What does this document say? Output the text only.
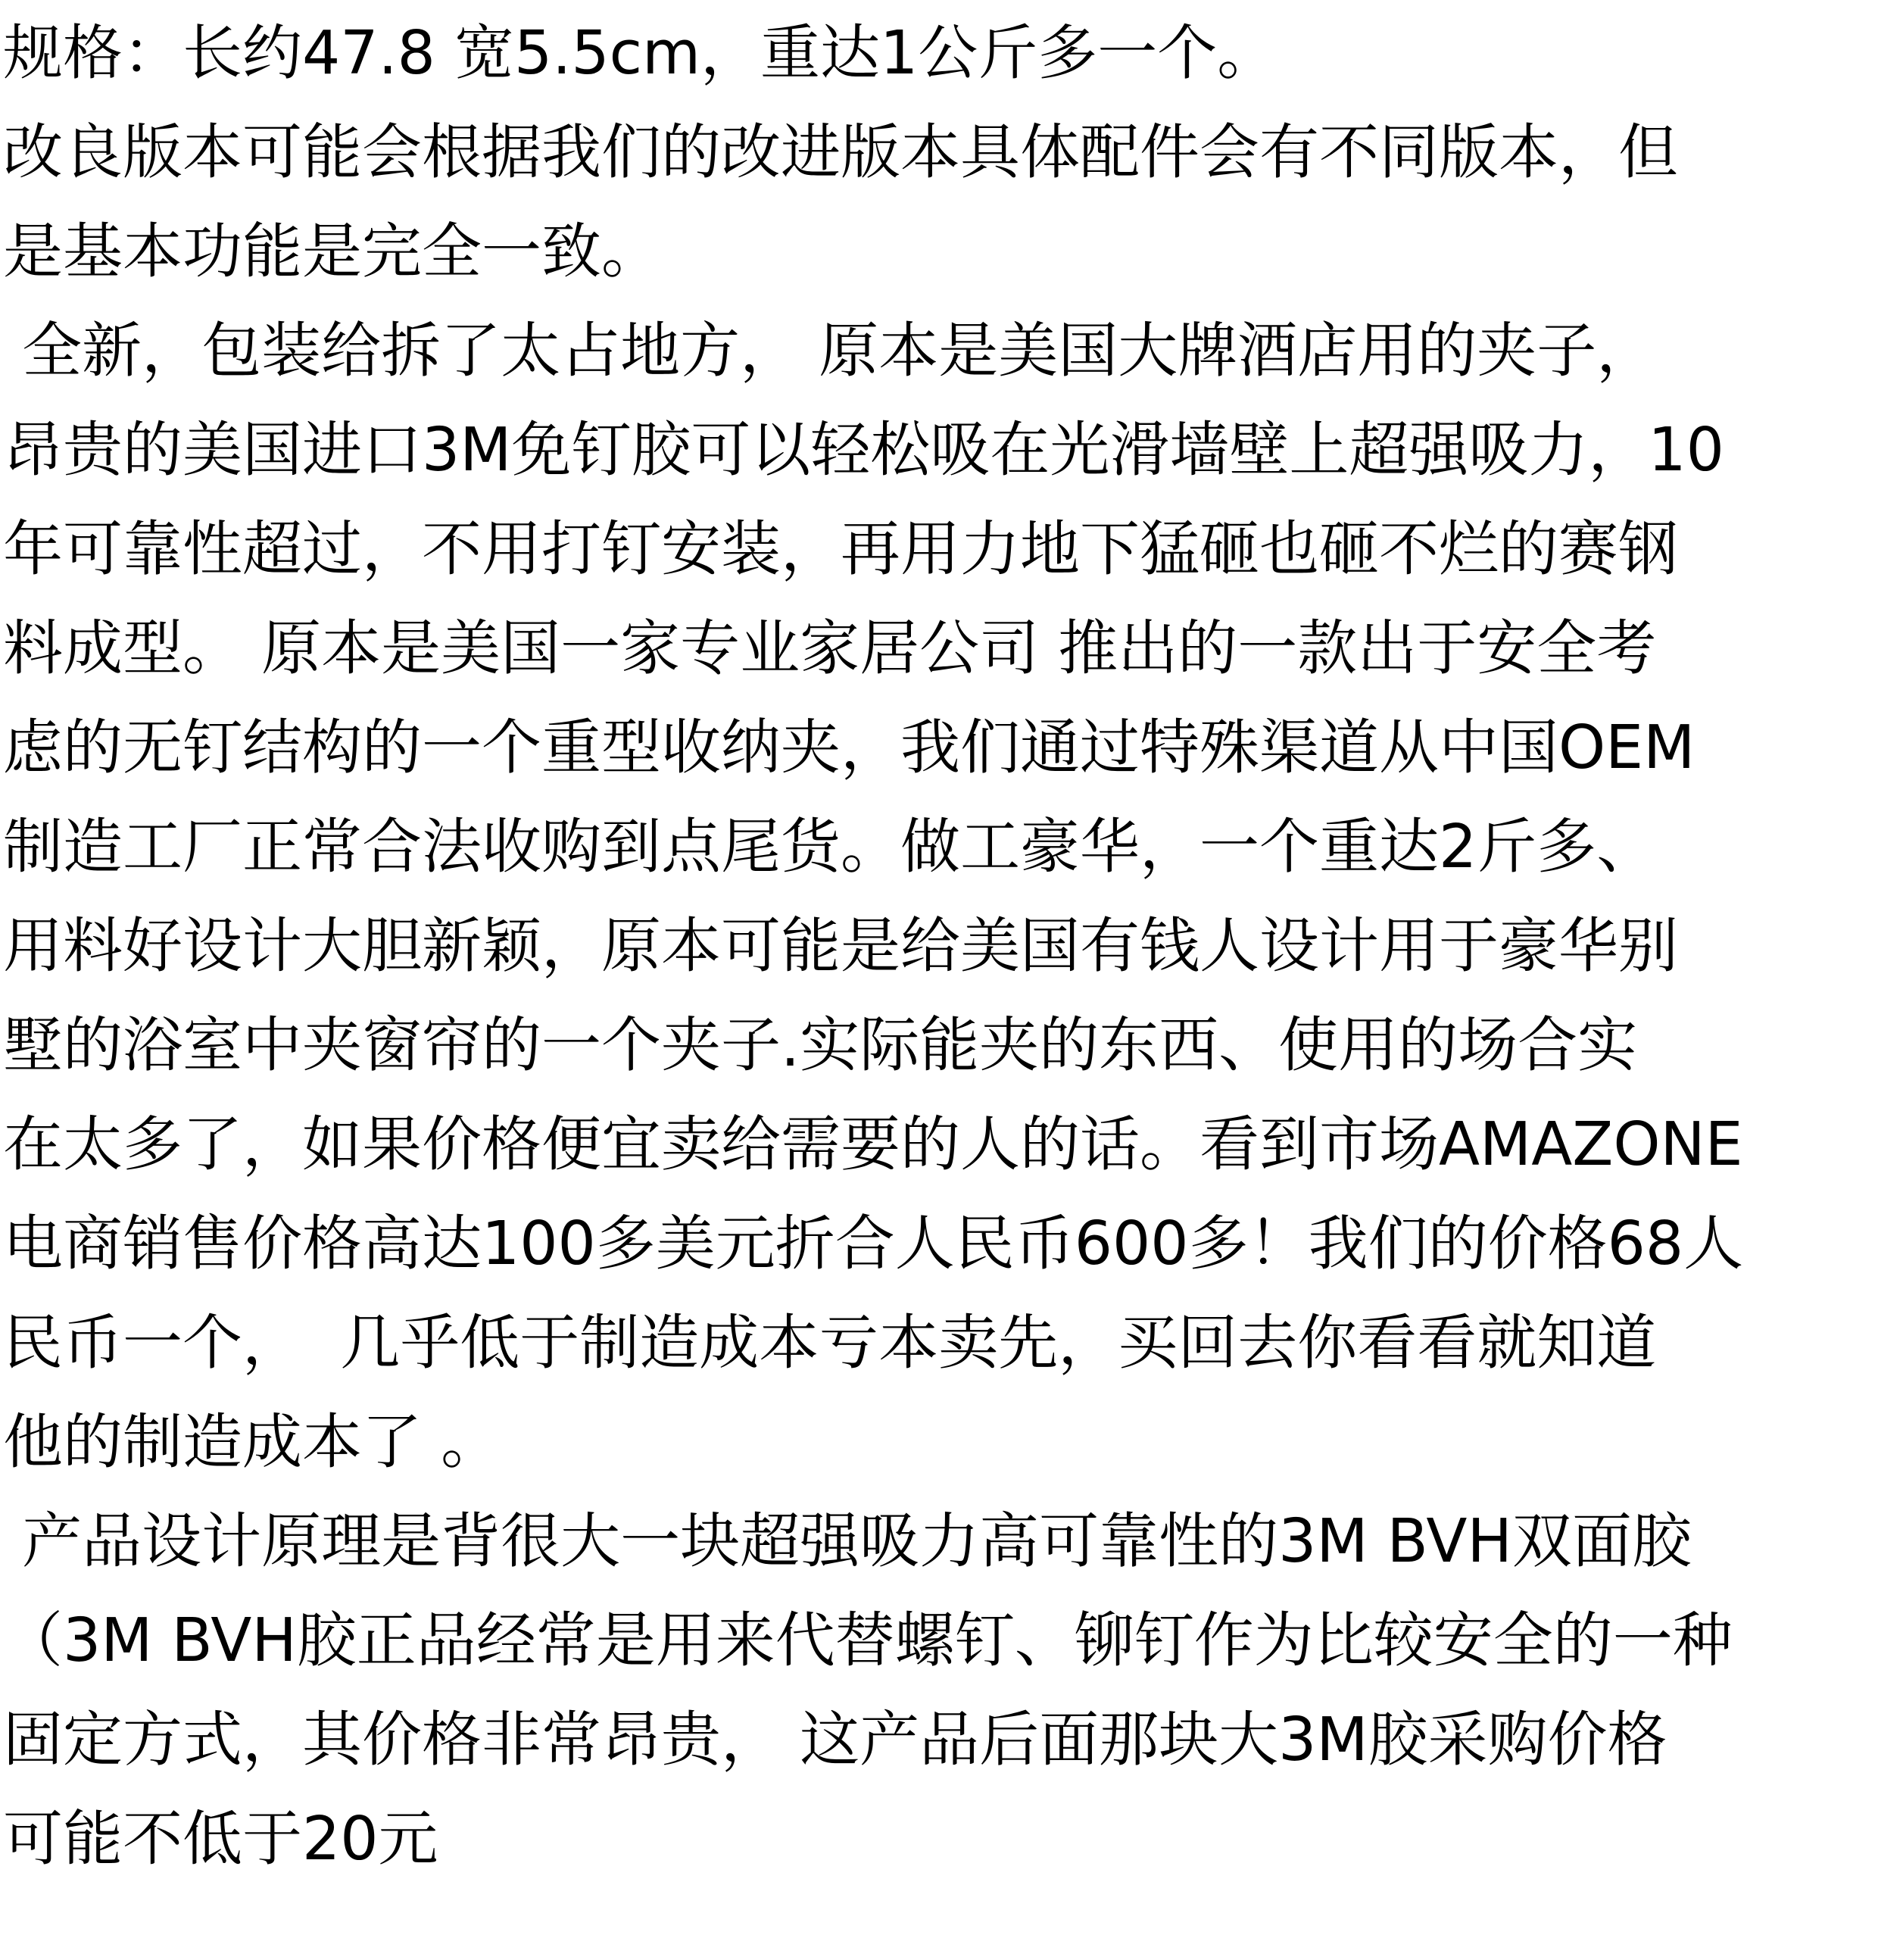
规格：长约47.8 宽5.5cm，重达1公斤多一个。
改良版本可能会根据我们的改进版本具体配件会有不同版本，但
是基本功能是完全一致。
全新，包装给拆了太占地方， 原本是美国大牌酒店用的夹子，
昂贵的美国进口3M免钉胶可以轻松吸在光滑墙壁上超强吸力，10
年可靠性超过，不用打钉安装，再用力地下猛砸也砸不烂的赛钢
料成型。 原本是美国一家专业家居公司 推出的一款出于安全考
虑的无钉结构的一个重型收纳夹，我们通过特殊渠道从中国OEM
制造工厂正常合法收购到点尾货。做工豪华，一个重达2斤多、
用料好设计大胆新颖，原本可能是给美国有钱人设计用于豪华别
墅的浴室中夹窗帘的一个夹子.实际能夹的东西、使用的场合实
在太多了，如果价格便宜卖给需要的人的话。看到市场AMAZONE
电商销售价格高达100多美元折合人民币600多！我们的价格68人
民币一个，  几乎低于制造成本亏本卖先，买回去你看看就知道
他的制造成本了 。
产品设计原理是背很大一块超强吸力高可靠性的3M BVH双面胶
（3M BVH胶正品经常是用来代替螺钉、铆钉作为比较安全的一种
固定方式，其价格非常昂贵， 这产品后面那块大3M胶采购价格
可能不低于20元
